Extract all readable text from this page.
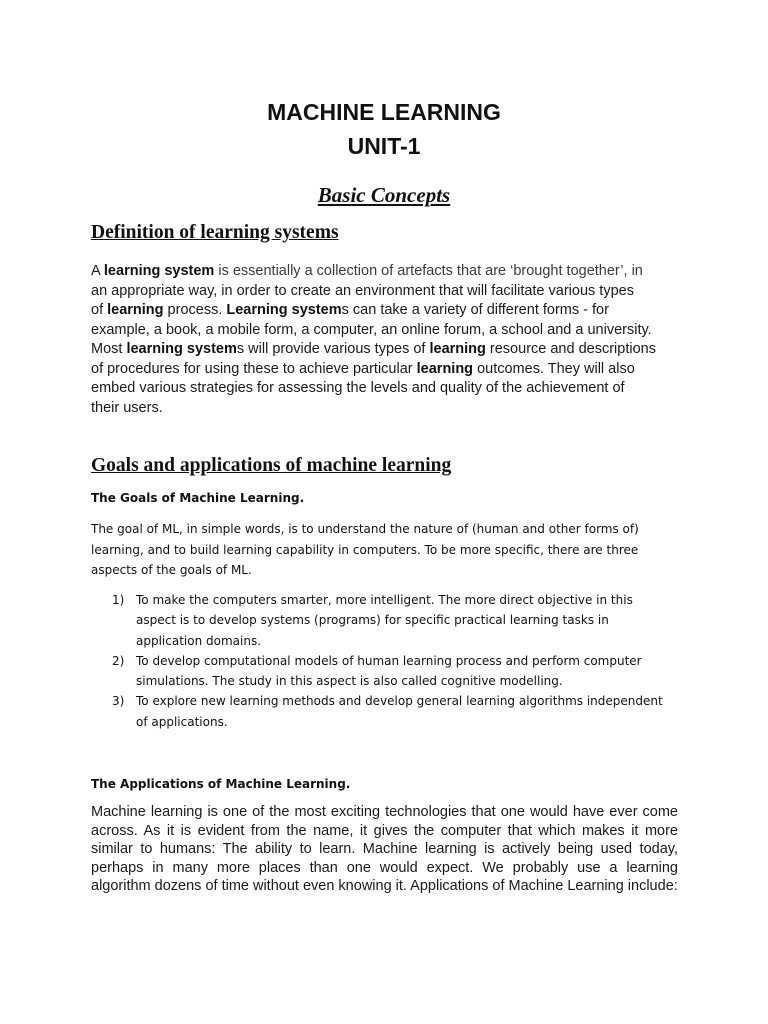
MACHINE LEARNING
UNIT-1
Basic Concepts
Definition of learning systems
A learning system is essentially a collection of artefacts that are ‘brought together’, in
an appropriate way, in order to create an environment that will facilitate various types
of learning process. Learning systems can take a variety of different forms - for
example, a book, a mobile form, a computer, an online forum, a school and a university.
Most learning systems will provide various types of learning resource and descriptions
of procedures for using these to achieve particular learning outcomes. They will also
embed various strategies for assessing the levels and quality of the achievement of
their users.
Goals and applications of machine learning
The Goals of Machine Learning.
The goal of ML, in simple words, is to understand the nature of (human and other forms of)
learning, and to build learning capability in computers. To be more specific, there are three
aspects of the goals of ML.
1) To make the computers smarter, more intelligent. The more direct objective in this
aspect is to develop systems (programs) for specific practical learning tasks in
application domains.
2) To develop computational models of human learning process and perform computer
simulations. The study in this aspect is also called cognitive modelling.
3) To explore new learning methods and develop general learning algorithms independent
of applications.
The Applications of Machine Learning.
Machine learning is one of the most exciting technologies that one would have ever come across. As it is evident from the name, it gives the computer that which makes it more similar to humans: The ability to learn. Machine learning is actively being used today, perhaps in many more places than one would expect. We probably use a learning algorithm dozens of time without even knowing it. Applications of Machine Learning include:
